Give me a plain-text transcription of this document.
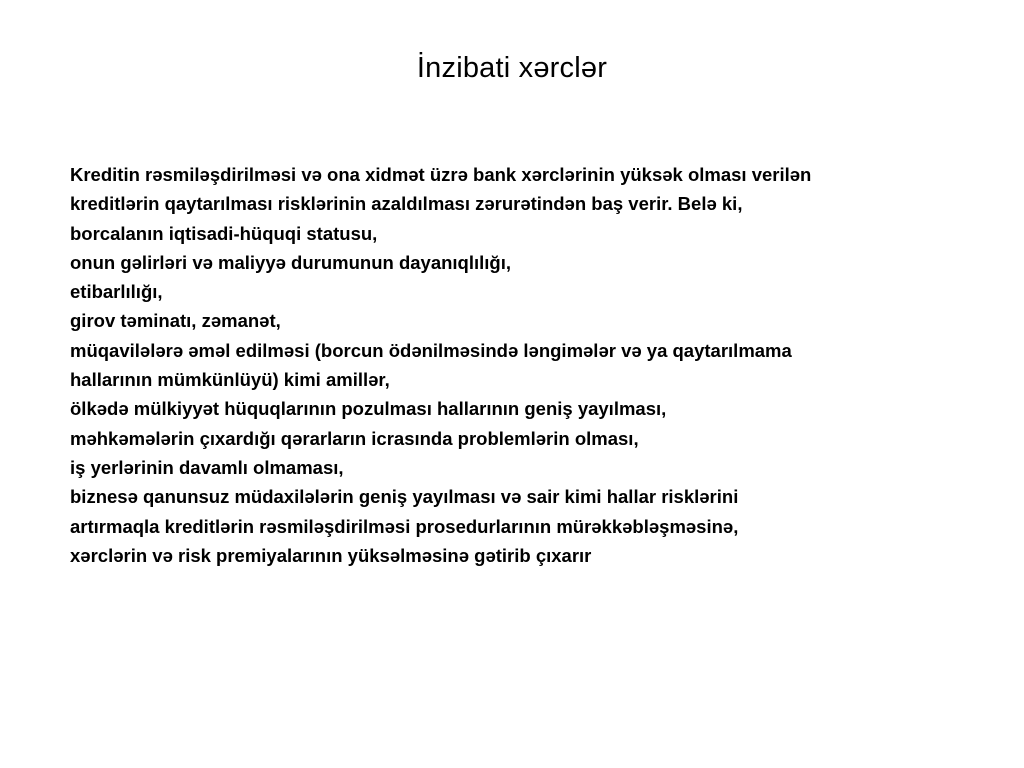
İnzibati xərclər
Kreditin rəsmiləşdirilməsi və ona xidmət üzrə bank xərclərinin yüksək olması verilən
kreditlərin qaytarılması risklərinin azaldılması zərurətindən baş verir. Belə ki,
borcalanın iqtisadi-hüquqi statusu,
onun gəlirləri və maliyyə durumunun dayanıqlılığı,
etibarlılığı,
girov təminatı, zəmanət,
müqavilələrə əməl edilməsi (borcun ödənilməsində ləngimələr və ya qaytarılmama
hallarının mümkünlüyü) kimi amillər,
ölkədə mülkiyyət hüquqlarının pozulması hallarının geniş yayılması,
məhkəmələrin çıxardığı qərarların icrasında problemlərin olması,
iş yerlərinin davamlı olmaması,
biznesə qanunsuz müdaxilələrin geniş yayılması və sair kimi hallar risklərini
artırmaqla kreditlərin rəsmiləşdirilməsi prosedurlarının mürəkkəbləşməsinə,
xərclərin və risk premiyalarının yüksəlməsinə gətirib çıxarır
